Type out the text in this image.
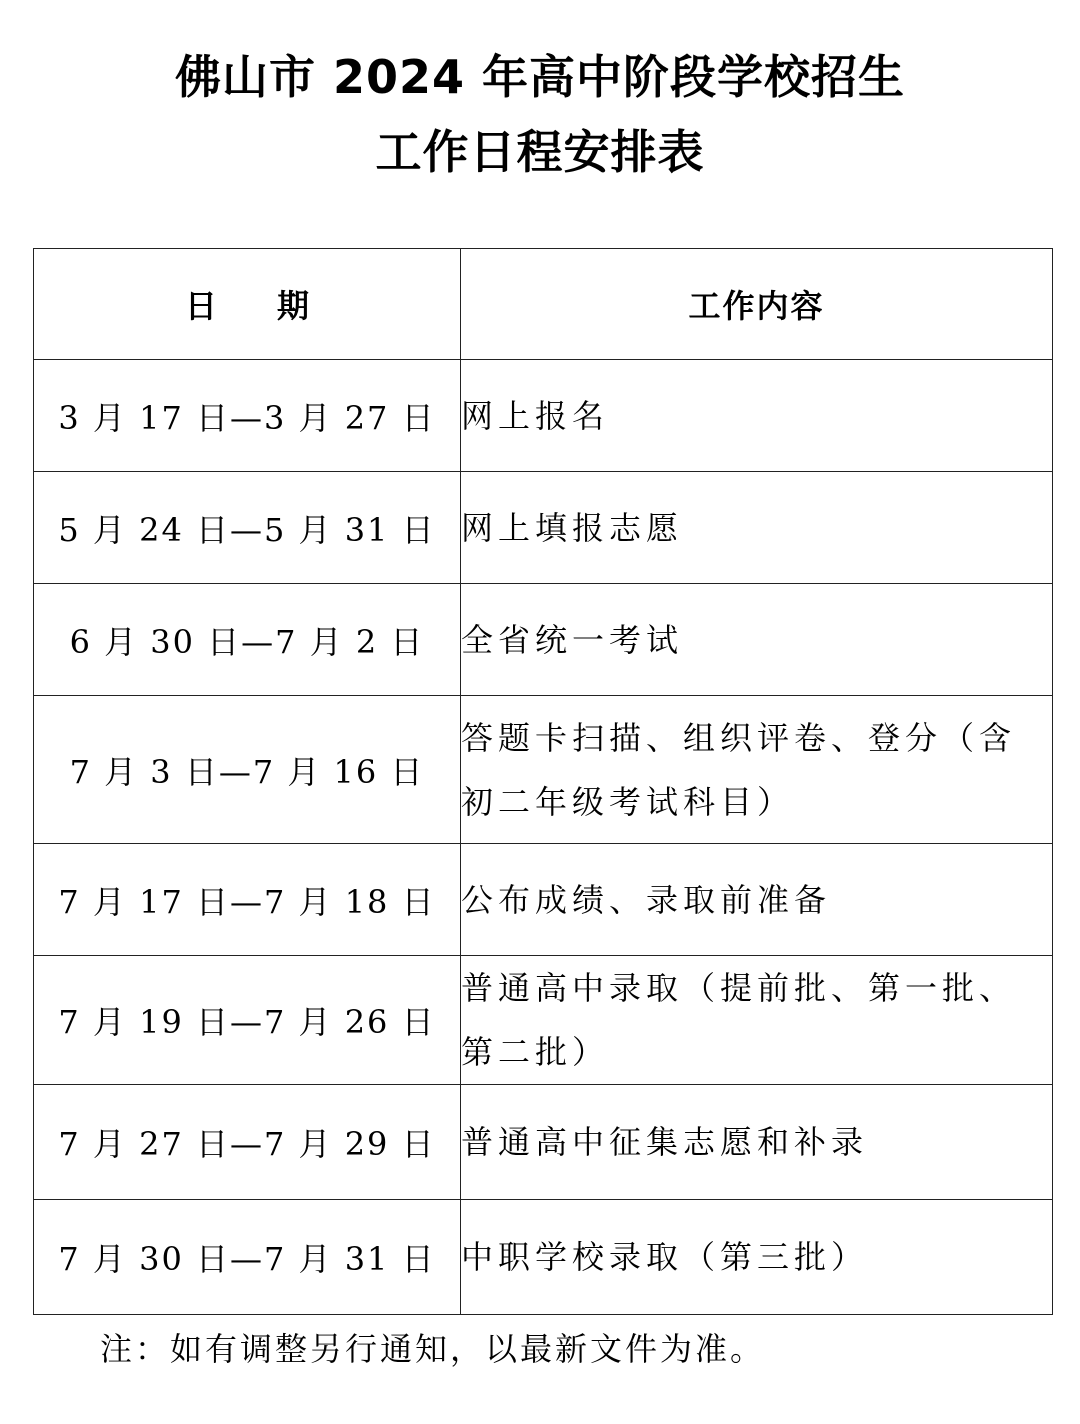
佛山市 2024 年高中阶段学校招生
工作日程安排表
日期	工作内容
3 月 17 日—3 月 27 日	网上报名
5 月 24 日—5 月 31 日	网上填报志愿
6 月 30 日—7 月 2 日	全省统一考试
7 月 3 日—7 月 16 日	答题卡扫描、组织评卷、登分（含初二年级考试科目）
7 月 17 日—7 月 18 日	公布成绩、录取前准备
7 月 19 日—7 月 26 日	普通高中录取（提前批、第一批、第二批）
7 月 27 日—7 月 29 日	普通高中征集志愿和补录
7 月 30 日—7 月 31 日	中职学校录取（第三批）
注：如有调整另行通知，以最新文件为准。
